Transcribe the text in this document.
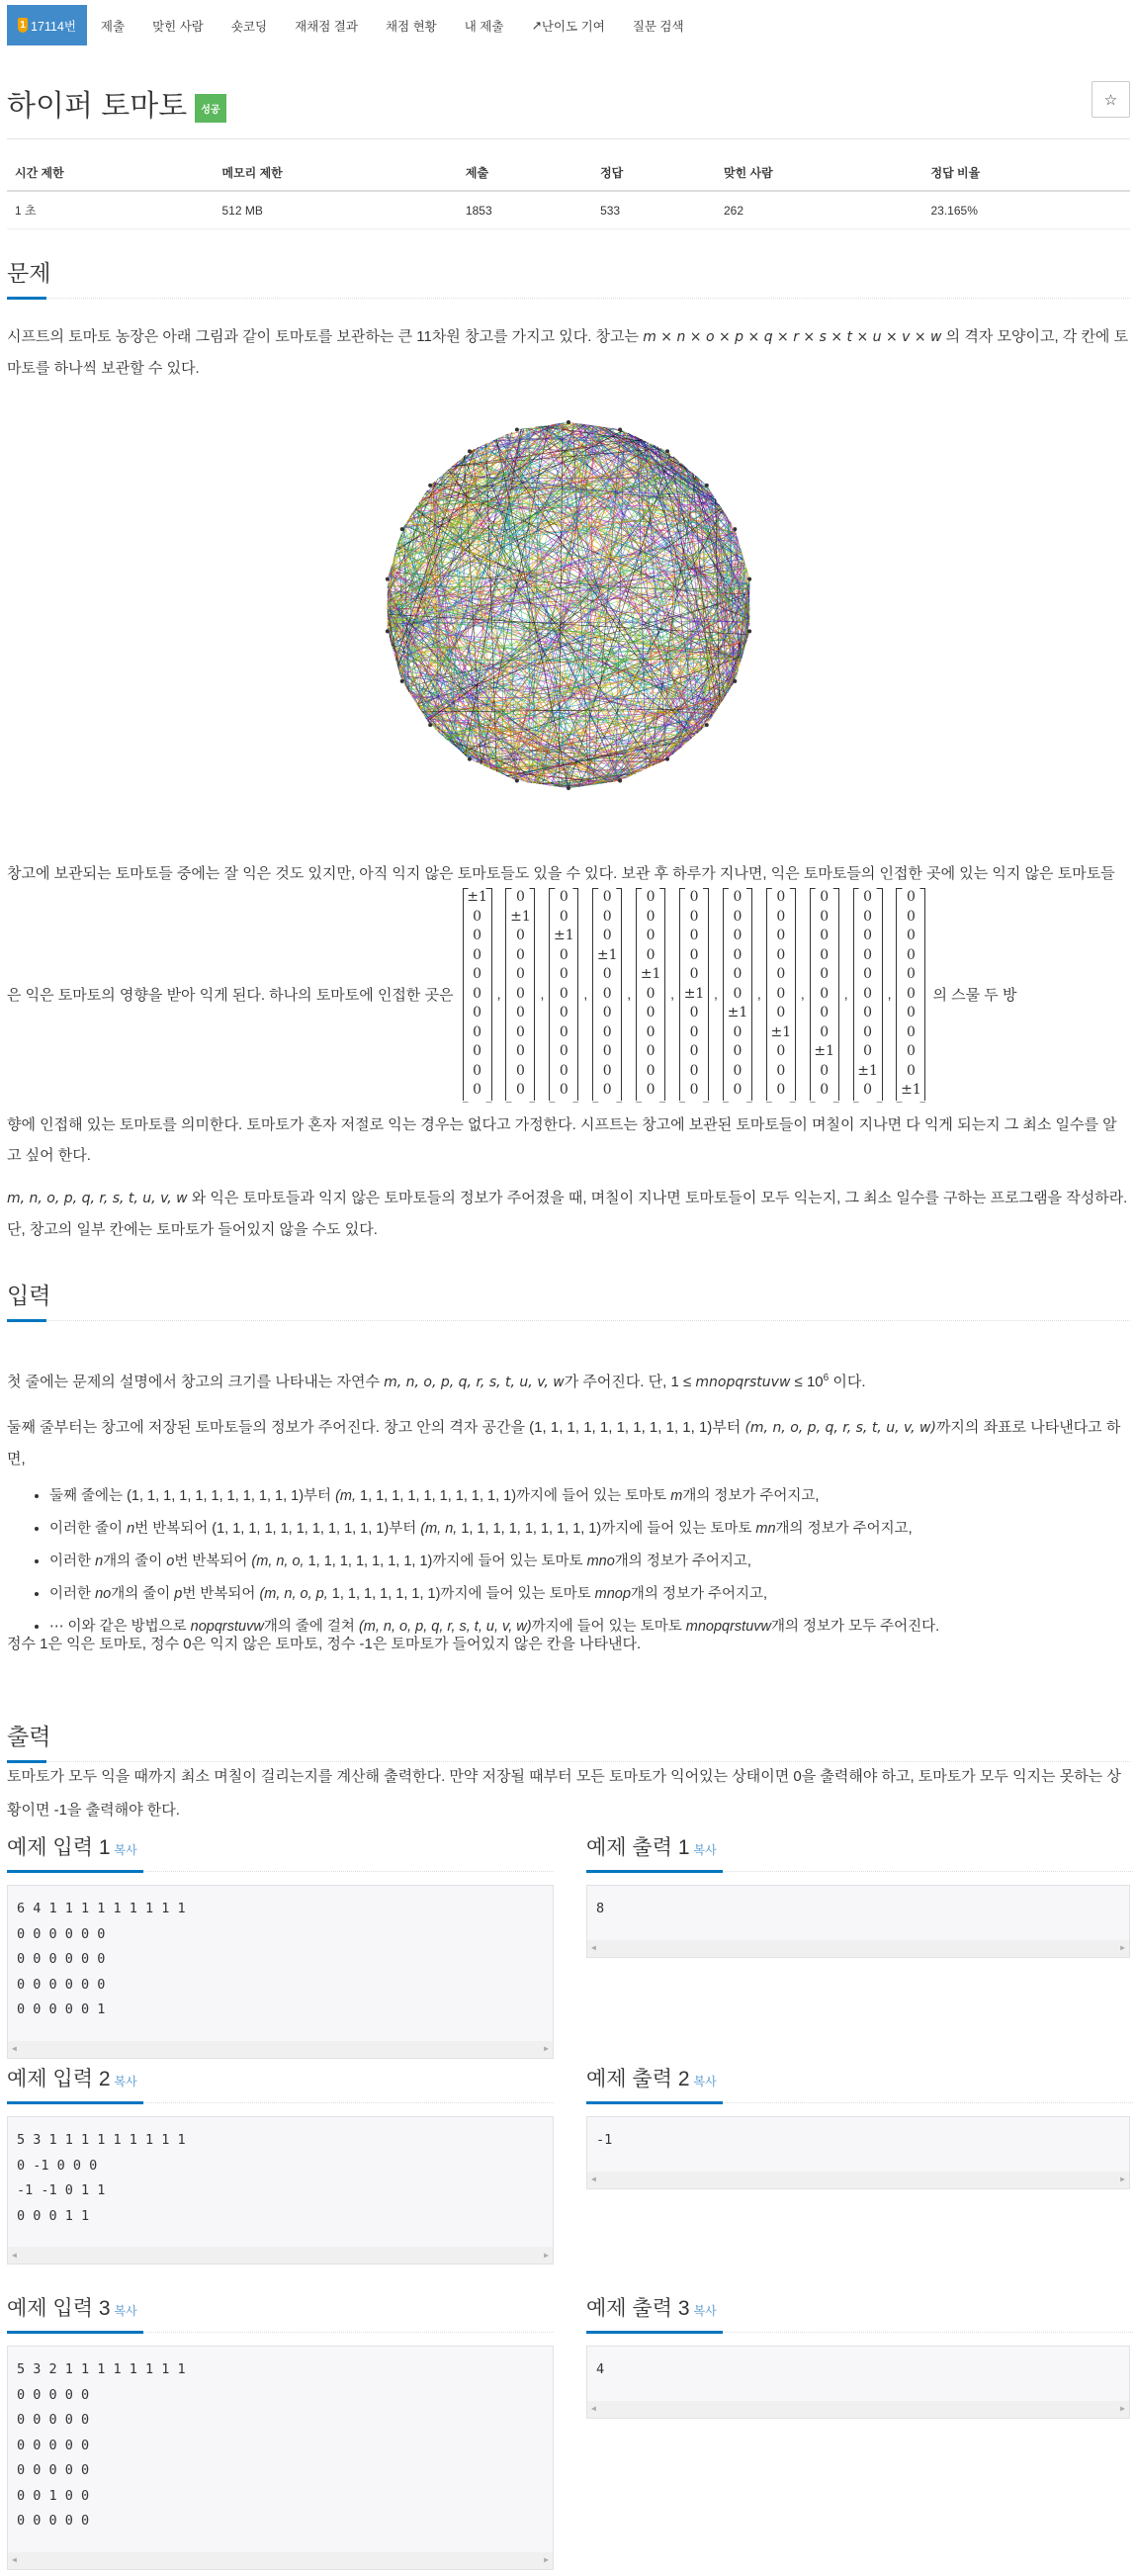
1 17114번	제출	맞힌 사람	숏코딩	재채점 결과	채점 현황	내 제출	↗ 난이도 기여	질문 검색
하이퍼 토마토	성공
☆
시간 제한	메모리 제한	제출	정답	맞힌 사람	정답 비율
1 초	512 MB	1853	533	262	23.165%
문제
시프트의 토마토 농장은 아래 그림과 같이 토마토를 보관하는 큰 11차원 창고를 가지고 있다. 창고는 m × n × o × p × q × r × s × t × u × v × w 의 격자 모양이고, 각 칸에 토마토를 하나씩 보관할 수 있다.
창고에 보관되는 토마토들 중에는 잘 익은 것도 있지만, 아직 익지 않은 토마토들도 있을 수 있다. 보관 후 하루가 지나면, 익은 토마토들의 인접한 곳에 있는 익지 않은 토마토들
은 익은 토마토의 영향을 받아 익게 된다. 하나의 토마토에 인접한 곳은
±1
0
0
0
0
0
0
0
0
0
0
,
0
±1
0
0
0
0
0
0
0
0
0
,
0
0
±1
0
0
0
0
0
0
0
0
,
0
0
0
±1
0
0
0
0
0
0
0
,
0
0
0
0
±1
0
0
0
0
0
0
,
0
0
0
0
0
±1
0
0
0
0
0
,
0
0
0
0
0
0
±1
0
0
0
0
,
0
0
0
0
0
0
0
±1
0
0
0
,
0
0
0
0
0
0
0
0
±1
0
0
,
0
0
0
0
0
0
0
0
0
±1
0
,
0
0
0
0
0
0
0
0
0
0
±1
의 스물 두 방
향에 인접해 있는 토마토를 의미한다. 토마토가 혼자 저절로 익는 경우는 없다고 가정한다. 시프트는 창고에 보관된 토마토들이 며칠이 지나면 다 익게 되는지 그 최소 일수를 알고 싶어 한다.
m, n, o, p, q, r, s, t, u, v, w 와 익은 토마토들과 익지 않은 토마토들의 정보가 주어졌을 때, 며칠이 지나면 토마토들이 모두 익는지, 그 최소 일수를 구하는 프로그램을 작성하라. 단, 창고의 일부 칸에는 토마토가 들어있지 않을 수도 있다.
입력
첫 줄에는 문제의 설명에서 창고의 크기를 나타내는 자연수 m, n, o, p, q, r, s, t, u, v, w가 주어진다. 단, 1 ≤ mnopqrstuvw ≤ $10^6$ 이다.
둘째 줄부터는 창고에 저장된 토마토들의 정보가 주어진다. 창고 안의 격자 공간을 (1, 1, 1, 1, 1, 1, 1, 1, 1, 1, 1)부터 (m, n, o, p, q, r, s, t, u, v, w)까지의 좌표로 나타낸다고 하면,
• 둘째 줄에는 (1, 1, 1, 1, 1, 1, 1, 1, 1, 1, 1)부터 (m, 1, 1, 1, 1, 1, 1, 1, 1, 1, 1)까지에 들어 있는 토마토 m개의 정보가 주어지고,
• 이러한 줄이 n번 반복되어 (1, 1, 1, 1, 1, 1, 1, 1, 1, 1, 1)부터 (m, n, 1, 1, 1, 1, 1, 1, 1, 1, 1)까지에 들어 있는 토마토 mn개의 정보가 주어지고,
• 이러한 n개의 줄이 o번 반복되어 (m, n, o, 1, 1, 1, 1, 1, 1, 1, 1)까지에 들어 있는 토마토 mno개의 정보가 주어지고,
• 이러한 no개의 줄이 p번 반복되어 (m, n, o, p, 1, 1, 1, 1, 1, 1, 1)까지에 들어 있는 토마토 mnop개의 정보가 주어지고,
• ⋯ 이와 같은 방법으로 nopqrstuvw개의 줄에 걸쳐 (m, n, o, p, q, r, s, t, u, v, w)까지에 들어 있는 토마토 mnopqrstuvw개의 정보가 모두 주어진다.
정수 1은 익은 토마토, 정수 0은 익지 않은 토마토, 정수 -1은 토마토가 들어있지 않은 칸을 나타낸다.
출력
토마토가 모두 익을 때까지 최소 며칠이 걸리는지를 계산해 출력한다. 만약 저장될 때부터 모든 토마토가 익어있는 상태이면 0을 출력해야 하고, 토마토가 모두 익지는 못하는 상황이면 -1을 출력해야 한다.
예제 입력 1 복사
6 4 1 1 1 1 1 1 1 1 1
0 0 0 0 0 0
0 0 0 0 0 0
0 0 0 0 0 0
0 0 0 0 0 1
◀	▶
예제 출력 1 복사
8
◀	▶
예제 입력 2 복사
5 3 1 1 1 1 1 1 1 1 1
0 -1 0 0 0
-1 -1 0 1 1
0 0 0 1 1
◀	▶
예제 출력 2 복사
-1
◀	▶
예제 입력 3 복사
5 3 2 1 1 1 1 1 1 1 1
0 0 0 0 0
0 0 0 0 0
0 0 0 0 0
0 0 0 0 0
0 0 1 0 0
0 0 0 0 0
◀	▶
예제 출력 3 복사
4
◀	▶
